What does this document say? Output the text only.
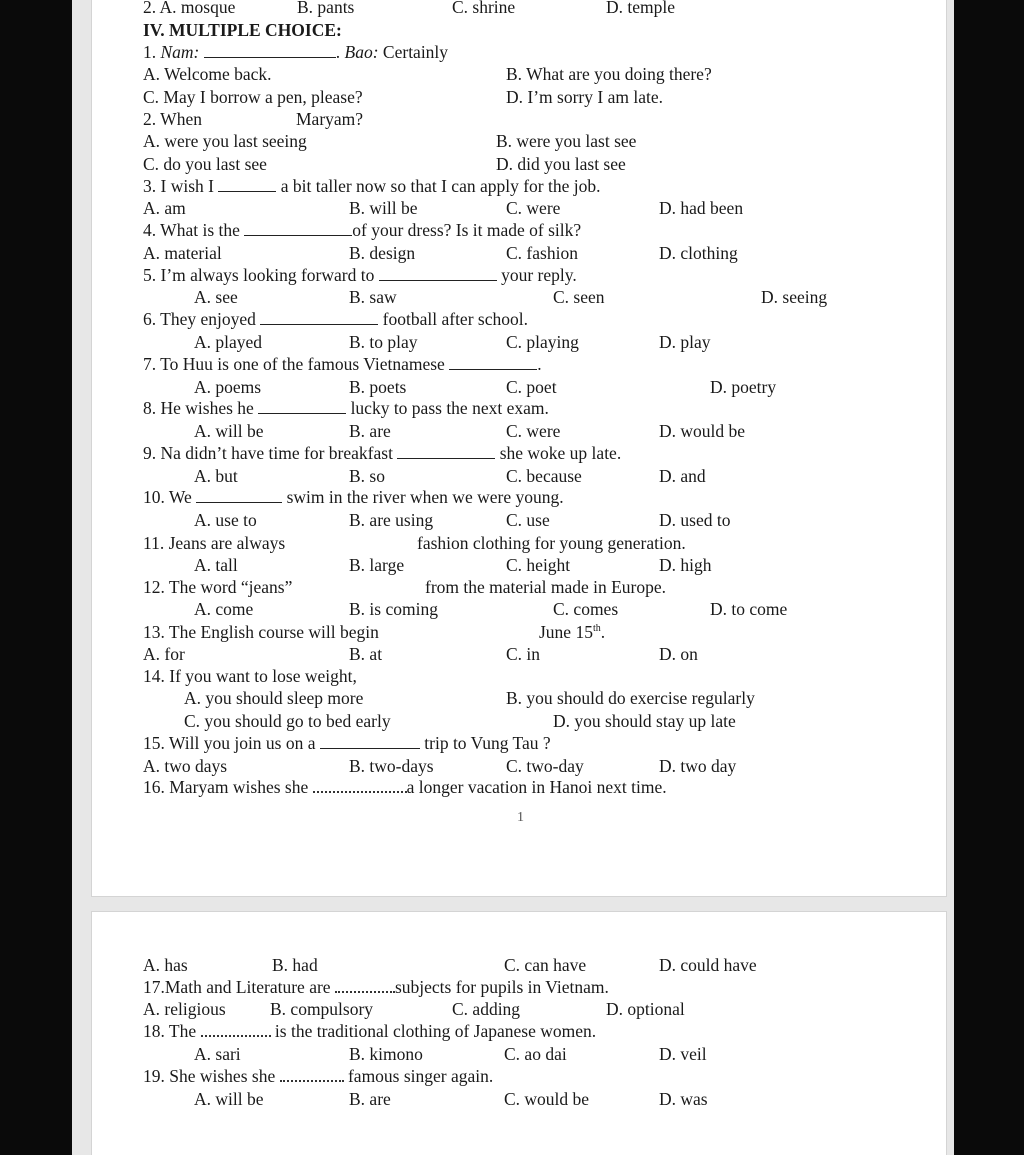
2. A. mosque	B. pants	C. shrine	D. temple
IV. MULTIPLE CHOICE:
1. Nam:	. Bao: Certainly
A. Welcome back.	B. What are you doing there?
C. May I borrow a pen, please?	D. I’m sorry I am late.
2. When	Maryam?
A. were you last seeing	B. were you last see
C. do you last see	D. did you last see
3. I wish I	a bit taller now so that I can apply for the job.
A. am	B. will be	C. were	D. had been
4. What is the	of your dress? Is it made of silk?
A. material	B. design	C. fashion	D. clothing
5. I’m always looking forward to	your reply.
A. see	B. saw	C. seen	D. seeing
6. They enjoyed	football after school.
A. played	B. to play	C. playing	D. play
7. To Huu is one of the famous Vietnamese	.
A. poems	B. poets	C. poet	D. poetry
8. He wishes he	lucky to pass the next exam.
A. will be	B. are	C. were	D. would be
9. Na didn’t have time for breakfast	she woke up late.
A. but	B. so	C. because	D. and
10. We	swim in the river when we were young.
A. use to	B. are using	C. use	D. used to
11. Jeans are always	fashion clothing for young generation.
A. tall	B. large	C. height	D. high
12. The word “jeans”	from the material made in Europe.
A. come	B. is coming	C. comes	D. to come
13. The English course will begin	June 15th.
A. for	B. at	C. in	D. on
14. If you want to lose weight,
A. you should sleep more	B. you should do exercise regularly
C. you should go to bed early	D. you should stay up late
15. Will you join us on a	trip to Vung Tau ?
A. two days	B. two-days	C. two-day	D. two day
16. Maryam wishes she	a longer vacation in Hanoi next time.
1
A. has	B. had	C. can have	D. could have
17.Math and Literature are	subjects for pupils in Vietnam.
A. religious	B. compulsory	C. adding	D. optional
18. The	is the traditional clothing of Japanese women.
A. sari	B. kimono	C. ao dai	D. veil
19. She wishes she	famous singer again.
A. will be	B. are	C. would be	D. was
